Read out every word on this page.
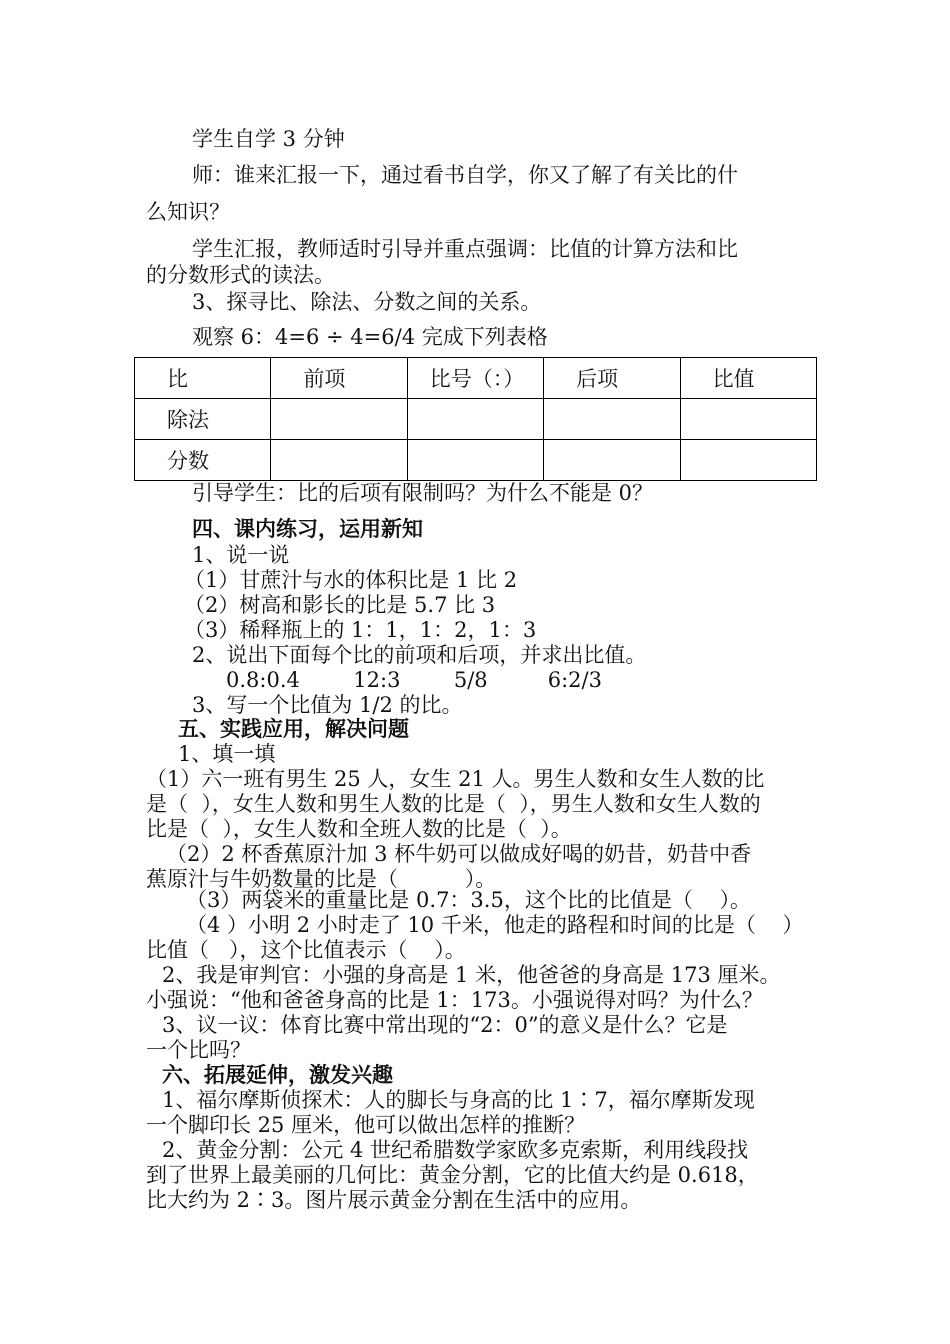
学生自学 3 分钟
师：谁来汇报一下，通过看书自学，你又了解了有关比的什
么知识？
学生汇报，教师适时引导并重点强调：比值的计算方法和比
的分数形式的读法。
3、探寻比、除法、分数之间的关系。
观察 6：4=6 ÷ 4=6/4 完成下列表格
比	前项	比号（：）	后项	比值
除法				
分数				
引导学生：比的后项有限制吗？为什么不能是 0？
四、课内练习，运用新知
1、说一说
（1）甘蔗汁与水的体积比是 1 比 2
（2）树高和影长的比是 5.7 比 3
（3）稀释瓶上的 1：1，1：2，1：3
2、说出下面每个比的前项和后项，并求出比值。
0.8:0.4        12:3        5/8         6:2/3
3、写一个比值为 1/2 的比。
五、实践应用，解决问题
1、填一填
（1）六一班有男生 25 人，女生 21 人。男生人数和女生人数的比
是（  ），女生人数和男生人数的比是（  ），男生人数和女生人数的
比是（  ），女生人数和全班人数的比是（  ）。
（2）2 杯香蕉原汁加 3 杯牛奶可以做成好喝的奶昔，奶昔中香
蕉原汁与牛奶数量的比是（          ）。
（3）两袋米的重量比是 0.7：3.5，这个比的比值是（    ）。
（4 ）小明 2 小时走了 10 千米，他走的路程和时间的比是（    ）
比值（   ），这个比值表示（    ）。
2、我是审判官：小强的身高是 1 米，他爸爸的身高是 173 厘米。
小强说：“他和爸爸身高的比是 1：173。小强说得对吗？为什么？
3、议一议：体育比赛中常出现的“2：0”的意义是什么？它是
一个比吗？
六、拓展延伸，激发兴趣
1、福尔摩斯侦探术：人的脚长与身高的比 1∶7，福尔摩斯发现
一个脚印长 25 厘米，他可以做出怎样的推断？
2、黄金分割：公元 4 世纪希腊数学家欧多克索斯，利用线段找
到了世界上最美丽的几何比：黄金分割，它的比值大约是 0.618，
比大约为 2∶3。图片展示黄金分割在生活中的应用。
